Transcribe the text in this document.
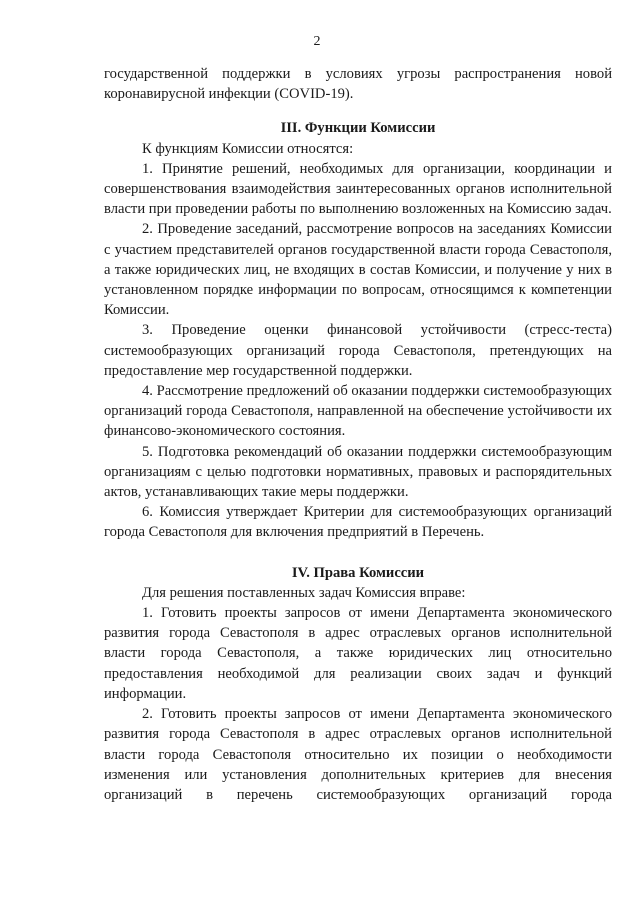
2

государственной поддержки в условиях угрозы распространения новой коронавирусной инфекции (COVID-19).

III. Функции Комиссии

К функциям Комиссии относятся:

1. Принятие решений, необходимых для организации, координации и совершенствования взаимодействия заинтересованных органов исполнительной власти при проведении работы по выполнению возложенных на Комиссию задач.

2. Проведение заседаний, рассмотрение вопросов на заседаниях Комиссии с участием представителей органов государственной власти города Севастополя, а также юридических лиц, не входящих в состав Комиссии, и получение у них в установленном порядке информации по вопросам, относящимся к компетенции Комиссии.

3. Проведение оценки финансовой устойчивости (стресс-теста) системообразующих организаций города Севастополя, претендующих на предоставление мер государственной поддержки.

4. Рассмотрение предложений об оказании поддержки системообразующих организаций города Севастополя, направленной на обеспечение устойчивости их финансово-экономического состояния.

5. Подготовка рекомендаций об оказании поддержки системообразующим организациям с целью подготовки нормативных, правовых и распорядительных актов, устанавливающих такие меры поддержки.

6. Комиссия утверждает Критерии для системообразующих организаций города Севастополя для включения предприятий в Перечень.

IV. Права Комиссии

Для решения поставленных задач Комиссия вправе:

1. Готовить проекты запросов от имени Департамента экономического развития города Севастополя в адрес отраслевых органов исполнительной власти города Севастополя, а также юридических лиц относительно предоставления необходимой для реализации своих задач и функций информации.

2. Готовить проекты запросов от имени Департамента экономического развития города Севастополя в адрес отраслевых органов исполнительной власти города Севастополя относительно их позиции о необходимости изменения или установления дополнительных критериев для внесения организаций в перечень системообразующих организаций города
